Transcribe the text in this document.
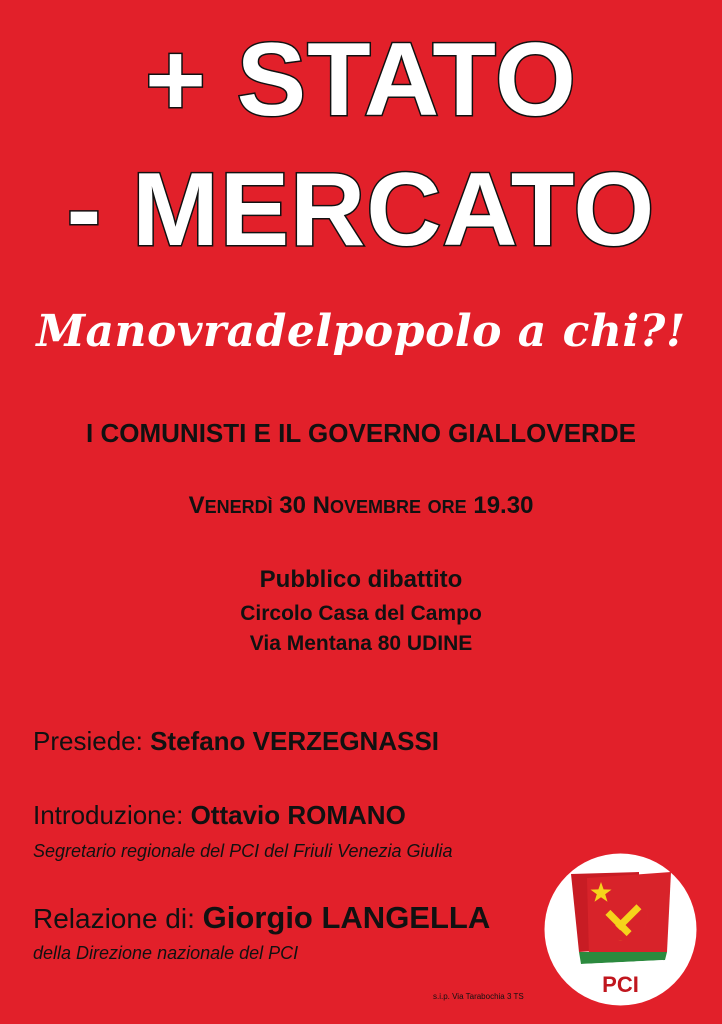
+ STATO
- MERCATO
Manovradelpopolo a chi?!
I COMUNISTI E IL GOVERNO GIALLOVERDE
VENERDÌ 30 NOVEMBRE ORE 19.30
Pubblico dibattito
Circolo Casa del Campo
Via Mentana 80 UDINE
Presiede: Stefano VERZEGNASSI
Introduzione: Ottavio ROMANO
Segretario regionale del PCI del Friuli Venezia Giulia
Relazione di: Giorgio LANGELLA
della Direzione nazionale del PCI
s.i.p. Via Tarabochia 3 TS	PCI
